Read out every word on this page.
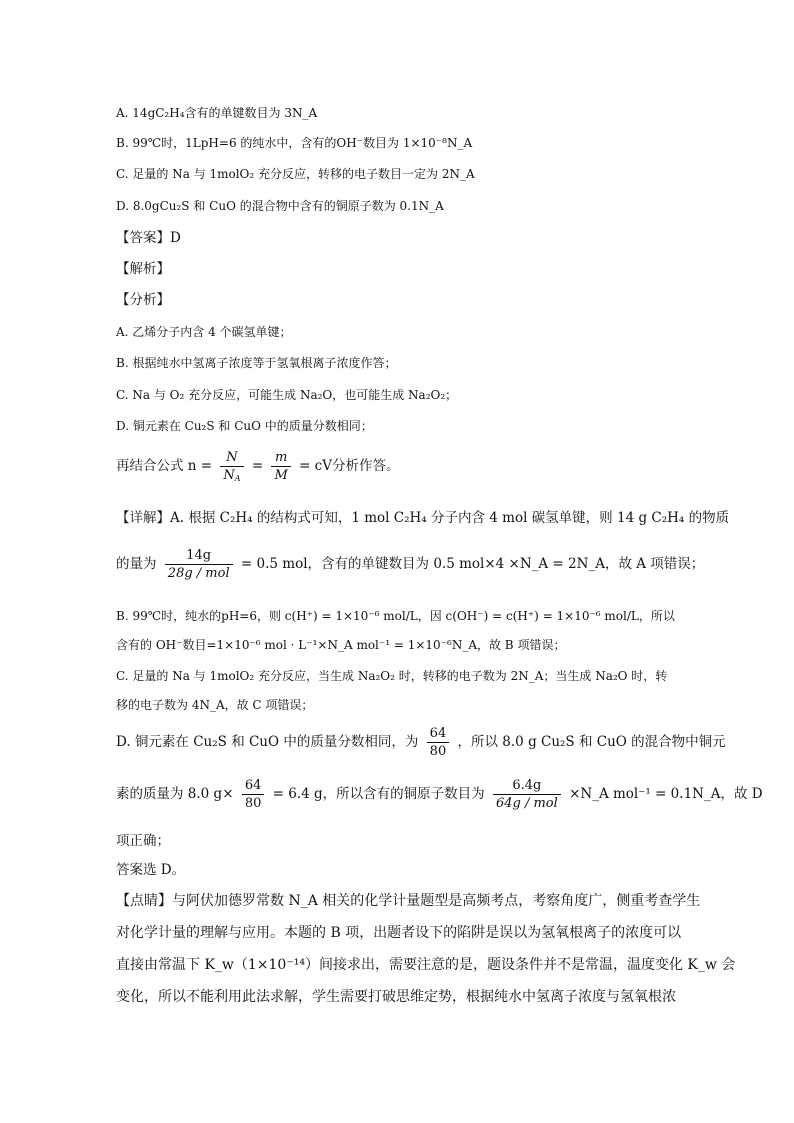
A. 14gC₂H₄含有的单键数目为 3N_A
B. 99℃时，1LpH=6 的纯水中，含有的OH⁻数目为 1×10⁻⁸N_A
C. 足量的 Na 与 1molO₂ 充分反应，转移的电子数目一定为 2N_A
D. 8.0gCu₂S 和 CuO 的混合物中含有的铜原子数为 0.1N_A
【答案】D
【解析】
【分析】
A. 乙烯分子内含 4 个碳氢单键；
B. 根据纯水中氢离子浓度等于氢氧根离子浓度作答；
C. Na 与 O₂ 充分反应，可能生成 Na₂O，也可能生成 Na₂O₂；
D. 铜元素在 Cu₂S 和 CuO 中的质量分数相同；
再结合公式 $n = \frac{N}{N_A} = \frac{m}{M}$ = cV分析作答。
【详解】A. 根据 C₂H₄ 的结构式可知，1 mol C₂H₄ 分子内含 4 mol 碳氢单键，则 14 g C₂H₄ 的物质
的量为 $\frac{14g}{\text{28g / mol}} = 0.5$ mol，含有的单键数目为 0.5 mol×4 ×N_A = 2N_A，故 A 项错误；
B. 99℃时，纯水的pH=6，则 c(H⁺) = 1×10⁻⁶ mol/L，因 c(OH⁻) = c(H⁺) = 1×10⁻⁶ mol/L，所以
含有的 OH⁻数目=1×10⁻⁶ mol · L⁻¹×N_A mol⁻¹ = 1×10⁻⁶N_A，故 B 项错误；
C. 足量的 Na 与 1molO₂ 充分反应，当生成 Na₂O₂ 时，转移的电子数为 2N_A；当生成 Na₂O 时，转
移的电子数为 4N_A，故 C 项错误；
D. 铜元素在 Cu₂S 和 CuO 中的质量分数相同，为 $\frac{64}{80}$ ，所以 8.0 g Cu₂S 和 CuO 的混合物中铜元
素的质量为 8.0 $g\times \frac{64}{80} = 6.4$ g，所以含有的铜原子数目为 $\frac{6.4g}{\text{64g / mol}}$ ×N_A mol⁻¹ = 0.1N_A，故 D
项正确；
答案选 D。
【点睛】与阿伏加德罗常数 N_A 相关的化学计量题型是高频考点，考察角度广，侧重考查学生
对化学计量的理解与应用。本题的 B 项，出题者设下的陷阱是误以为氢氧根离子的浓度可以
直接由常温下 K_w（1×10⁻¹⁴）间接求出，需要注意的是，题设条件并不是常温，温度变化 K_w 会
变化，所以不能利用此法求解，学生需要打破思维定势，根据纯水中氢离子浓度与氢氧根浓
